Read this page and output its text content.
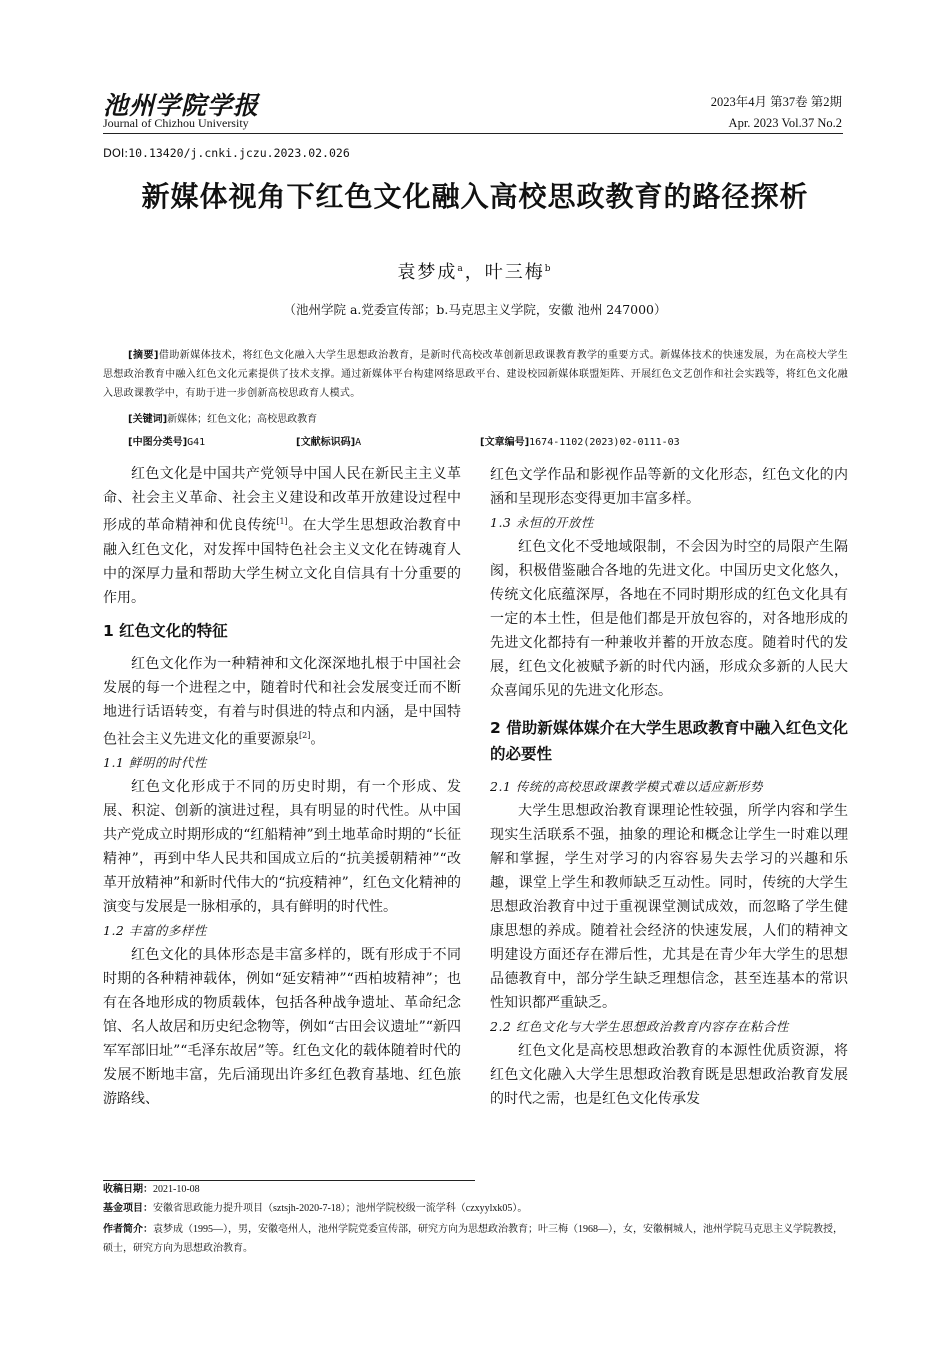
池州学院学报
Journal of Chizhou University
2023年4月 第37卷 第2期
Apr. 2023 Vol.37 No.2
DOI:10.13420/j.cnki.jczu.2023.02.026
新媒体视角下红色文化融入高校思政教育的路径探析
袁梦成$^a$，叶三梅$^b$
（池州学院 a.党委宣传部；b.马克思主义学院，安徽 池州 247000）
[摘要]借助新媒体技术，将红色文化融入大学生思想政治教育，是新时代高校改革创新思政课教育教学的重要方式。新媒体技术的快速发展，为在高校大学生思想政治教育中融入红色文化元素提供了技术支撑。通过新媒体平台构建网络思政平台、建设校园新媒体联盟矩阵、开展红色文艺创作和社会实践等，将红色文化融入思政课教学中，有助于进一步创新高校思政育人模式。
[关键词]新媒体；红色文化；高校思政教育
[中图分类号]G41	[文献标识码]A	[文章编号]1674-1102(2023)02-0111-03

红色文化是中国共产党领导中国人民在新民主主义革命、社会主义革命、社会主义建设和改革开放建设过程中形成的革命精神和优良传统[1]。在大学生思想政治教育中融入红色文化，对发挥中国特色社会主义文化在铸魂育人中的深厚力量和帮助大学生树立文化自信具有十分重要的作用。

1 红色文化的特征

红色文化作为一种精神和文化深深地扎根于中国社会发展的每一个进程之中，随着时代和社会发展变迁而不断地进行话语转变，有着与时俱进的特点和内涵，是中国特色社会主义先进文化的重要源泉[2]。

1.1 鲜明的时代性

红色文化形成于不同的历史时期，有一个形成、发展、积淀、创新的演进过程，具有明显的时代性。从中国共产党成立时期形成的“红船精神”到土地革命时期的“长征精神”，再到中华人民共和国成立后的“抗美援朝精神”“改革开放精神”和新时代伟大的“抗疫精神”，红色文化精神的演变与发展是一脉相承的，具有鲜明的时代性。

1.2 丰富的多样性

红色文化的具体形态是丰富多样的，既有形成于不同时期的各种精神载体，例如“延安精神”“西柏坡精神”；也有在各地形成的物质载体，包括各种战争遗址、革命纪念馆、名人故居和历史纪念物等，例如“古田会议遗址”“新四军军部旧址”“毛泽东故居”等。红色文化的载体随着时代的发展不断地丰富，先后涌现出许多红色教育基地、红色旅游路线、

红色文学作品和影视作品等新的文化形态，红色文化的内涵和呈现形态变得更加丰富多样。

1.3 永恒的开放性

红色文化不受地域限制，不会因为时空的局限产生隔阂，积极借鉴融合各地的先进文化。中国历史文化悠久，传统文化底蕴深厚，各地在不同时期形成的红色文化具有一定的本土性，但是他们都是开放包容的，对各地形成的先进文化都持有一种兼收并蓄的开放态度。随着时代的发展，红色文化被赋予新的时代内涵，形成众多新的人民大众喜闻乐见的先进文化形态。

2 借助新媒体媒介在大学生思政教育中融入红色文化的必要性
2.1 传统的高校思政课教学模式难以适应新形势

大学生思想政治教育课理论性较强，所学内容和学生现实生活联系不强，抽象的理论和概念让学生一时难以理解和掌握，学生对学习的内容容易失去学习的兴趣和乐趣，课堂上学生和教师缺乏互动性。同时，传统的大学生思想政治教育中过于重视课堂测试成效，而忽略了学生健康思想的养成。随着社会经济的快速发展，人们的精神文明建设方面还存在滞后性，尤其是在青少年大学生的思想品德教育中，部分学生缺乏理想信念，甚至连基本的常识性知识都严重缺乏。

2.2 红色文化与大学生思想政治教育内容存在粘合性

红色文化是高校思想政治教育的本源性优质资源，将红色文化融入大学生思想政治教育既是思想政治教育发展的时代之需，也是红色文化传承发

收稿日期：2021-10-08
基金项目：安徽省思政能力提升项目（sztsjh-2020-7-18）；池州学院校级一流学科（czxyylxk05）。
作者简介：袁梦成（1995—），男，安徽亳州人，池州学院党委宣传部，研究方向为思想政治教育；叶三梅（1968—），女，安徽桐城人，池州学院马克思主义学院教授，硕士，研究方向为思想政治教育。
